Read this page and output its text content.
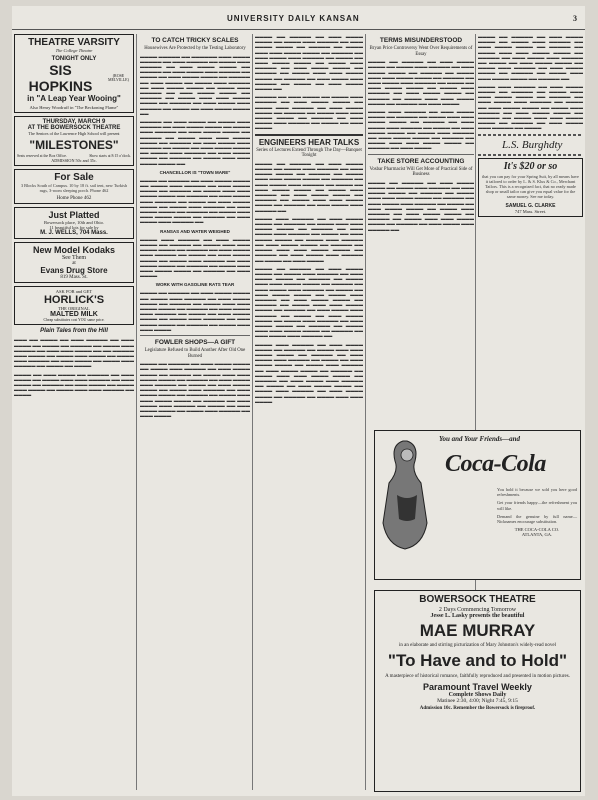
UNIVERSITY DAILY KANSAN	3
THEATRE VARSITY
The College Theatre
TONIGHT ONLY
SIS HOPKINS
(ROSE MELVILLE)
in "A Leap Year Wooing"
Also Henry Woodruff in "The Beckoning Flame"
THURSDAY, MARCH 9
AT THE BOWERSOCK THEATRE
The Seniors of the Lawrence High School will present
"MILESTONES"
Seats reserved at the Box Office.	Show starts at 8:15 o'clock.
ADMISSION 50c and 35c.
For Sale
3 Blocks South of Campus. 10 by 18 ft. sail tent, new Turkish rugs, 3-room sleeping porch. Phone 462
Home Phone 462
Just Platted
Bowersock place, 10th and Ohio.
11 beautiful lots for sale by
M. J. WELLS, 704 Mass.
New Model Kodaks
See Them
at
Evans Drug Store
819 Mass. St.
ASK FOR and GET
HORLICK'S
THE ORIGINAL
MALTED MILK
Cheap substitutes cost YOU same price.
Plain Tales from the Hill

▬▬▬ ▬▬ ▬▬▬▬ ▬▬ ▬▬▬ ▬▬▬▬▬ ▬▬ ▬▬▬ ▬▬▬▬ ▬▬ ▬▬▬▬ ▬▬ ▬▬▬▬▬ ▬▬ ▬▬▬▬ ▬▬▬ ▬▬▬▬▬ ▬▬ ▬▬▬ ▬▬▬ ▬▬▬▬ ▬▬ ▬▬ ▬▬▬▬▬ ▬▬▬ ▬▬▬▬ ▬▬ ▬▬▬▬ ▬▬▬ ▬▬▬▬ ▬▬ ▬▬▬▬ ▬▬▬ ▬▬▬▬▬ ▬▬ ▬▬▬ ▬▬▬▬ ▬▬ ▬▬▬▬ ▬▬▬ ▬▬▬▬▬ ▬▬ ▬▬▬▬ ▬▬ ▬▬▬▬

▬▬▬▬ ▬▬ ▬▬▬ ▬▬▬▬ ▬▬ ▬▬▬▬▬ ▬▬ ▬▬▬ ▬▬▬▬ ▬▬ ▬▬▬▬ ▬▬▬ ▬▬▬ ▬▬▬▬▬ ▬▬ ▬▬▬ ▬▬▬▬ ▬▬ ▬▬▬▬▬ ▬▬ ▬▬▬ ▬▬▬▬ ▬▬ ▬▬▬▬ ▬▬▬ ▬▬▬▬ ▬▬ ▬▬▬▬ ▬▬▬ ▬▬▬ ▬▬▬▬▬ ▬▬ ▬▬▬▬

TO CATCH TRICKY SCALES
Housewives Are Protected by the Testing Laboratory

▬▬▬▬ ▬▬▬▬▬ ▬▬ ▬▬▬▬▬▬ ▬▬▬ ▬▬▬▬ ▬▬▬▬▬ ▬▬ ▬▬▬ ▬▬▬▬▬ ▬▬ ▬▬▬▬ ▬▬▬ ▬▬▬▬▬ ▬▬ ▬▬▬ ▬▬▬▬ ▬▬▬▬ ▬▬ ▬▬▬▬▬ ▬▬ ▬▬▬ ▬▬▬▬ ▬▬▬ ▬▬▬▬▬ ▬▬ ▬▬▬▬ ▬▬ ▬▬▬ ▬▬▬▬ ▬▬▬▬ ▬▬ ▬▬▬▬▬ ▬▬ ▬▬▬ ▬▬▬▬ ▬▬ ▬▬▬▬ ▬▬▬ ▬▬▬▬▬ ▬▬ ▬▬▬ ▬▬▬▬ ▬▬▬▬ ▬▬ ▬▬▬▬ ▬▬▬ ▬▬▬▬▬ ▬▬ ▬▬▬ ▬▬▬▬ ▬▬▬▬ ▬▬ ▬▬▬▬▬ ▬▬ ▬▬▬▬ ▬▬▬ ▬▬▬ ▬▬▬▬ ▬▬▬▬ ▬▬ ▬▬▬▬▬ ▬▬ ▬▬▬ ▬▬▬▬ ▬▬▬ ▬▬▬▬▬ ▬▬ ▬▬▬▬ ▬▬ ▬▬▬ ▬▬▬▬ ▬▬▬▬ ▬▬

▬▬▬▬▬ ▬▬ ▬▬▬ ▬▬▬▬ ▬▬ ▬▬▬▬ ▬▬▬ ▬▬▬▬▬ ▬▬ ▬▬▬ ▬▬▬▬ ▬▬▬▬ ▬▬ ▬▬▬▬ ▬▬▬ ▬▬▬▬▬ ▬▬ ▬▬▬ ▬▬▬▬ ▬▬▬▬ ▬▬ ▬▬▬▬▬ ▬▬ ▬▬▬▬ ▬▬▬ ▬▬▬ ▬▬▬▬ ▬▬▬▬ ▬▬ ▬▬▬▬▬ ▬▬ ▬▬▬ ▬▬▬▬ ▬▬▬ ▬▬▬▬▬ ▬▬ ▬▬▬▬ ▬▬ ▬▬▬ ▬▬▬▬ ▬▬▬▬ ▬▬ ▬▬▬▬ ▬▬▬ ▬▬▬▬▬ ▬▬ ▬▬▬ ▬▬▬▬ ▬▬▬▬ ▬▬ ▬▬▬▬▬ ▬▬ ▬▬▬▬ ▬▬▬ ▬▬▬ ▬▬▬▬ ▬▬▬▬ ▬▬

CHANCELLOR IS "TOWN MARE"

▬▬▬▬ ▬▬ ▬▬▬▬▬ ▬▬ ▬▬▬ ▬▬▬▬ ▬▬▬▬ ▬▬ ▬▬▬▬ ▬▬▬ ▬▬▬▬▬ ▬▬ ▬▬▬ ▬▬▬▬ ▬▬▬▬ ▬▬ ▬▬▬▬▬ ▬▬ ▬▬▬▬ ▬▬▬ ▬▬▬ ▬▬▬▬ ▬▬▬▬ ▬▬ ▬▬▬▬▬ ▬▬ ▬▬▬ ▬▬▬▬ ▬▬▬ ▬▬▬▬▬ ▬▬ ▬▬▬▬ ▬▬ ▬▬▬ ▬▬▬▬ ▬▬▬▬ ▬▬ ▬▬▬▬ ▬▬▬ ▬▬▬▬▬ ▬▬ ▬▬▬ ▬▬▬▬ ▬▬▬▬ ▬▬ ▬▬▬▬▬ ▬▬ ▬▬▬▬ ▬▬▬ ▬▬▬ ▬▬▬▬ ▬▬▬▬ ▬▬ ▬▬▬▬▬ ▬▬ ▬▬▬ ▬▬▬▬ ▬▬▬ ▬▬▬▬▬ ▬▬

RANSAS AND WATER WEIGHED

▬▬▬▬ ▬▬▬ ▬▬▬▬▬ ▬▬ ▬▬▬ ▬▬▬▬ ▬▬▬▬ ▬▬ ▬▬▬▬▬ ▬▬ ▬▬▬▬ ▬▬▬ ▬▬▬ ▬▬▬▬ ▬▬▬▬ ▬▬ ▬▬▬▬▬ ▬▬ ▬▬▬ ▬▬▬▬ ▬▬▬ ▬▬▬▬▬ ▬▬ ▬▬▬▬ ▬▬ ▬▬▬ ▬▬▬▬ ▬▬▬▬ ▬▬ ▬▬▬▬ ▬▬▬ ▬▬▬▬▬ ▬▬ ▬▬▬ ▬▬▬▬ ▬▬▬▬ ▬▬ ▬▬▬▬▬ ▬▬ ▬▬▬▬ ▬▬▬ ▬▬▬ ▬▬▬▬ ▬▬▬▬ ▬▬ ▬▬▬▬▬ ▬▬ ▬▬▬ ▬▬▬▬

WORK WITH GASOLINE RATS TEAR

▬▬▬▬ ▬▬ ▬▬▬▬▬ ▬▬ ▬▬▬ ▬▬▬▬ ▬▬▬▬ ▬▬ ▬▬▬▬ ▬▬▬ ▬▬▬▬▬ ▬▬ ▬▬▬ ▬▬▬▬ ▬▬▬▬ ▬▬ ▬▬▬▬▬ ▬▬ ▬▬▬▬ ▬▬▬ ▬▬▬ ▬▬▬▬ ▬▬▬▬ ▬▬ ▬▬▬▬▬ ▬▬ ▬▬▬ ▬▬▬▬ ▬▬▬ ▬▬▬▬▬ ▬▬ ▬▬▬▬ ▬▬ ▬▬▬ ▬▬▬▬ ▬▬▬▬ ▬▬ ▬▬▬▬ ▬▬▬ ▬▬▬▬▬ ▬▬ ▬▬▬ ▬▬▬▬ ▬▬▬▬ ▬▬ ▬▬▬▬▬ ▬▬ ▬▬▬▬ ▬▬▬ ▬▬▬ ▬▬▬▬

FOWLER SHOPS—A GIFT
Legislature Refused to Build Another After Old One Burned

▬▬▬▬ ▬▬ ▬▬▬▬▬ ▬▬ ▬▬▬ ▬▬▬▬ ▬▬▬▬ ▬▬ ▬▬▬▬ ▬▬▬ ▬▬▬▬▬ ▬▬ ▬▬▬ ▬▬▬▬ ▬▬▬▬ ▬▬ ▬▬▬▬▬ ▬▬ ▬▬▬▬ ▬▬▬ ▬▬▬ ▬▬▬▬ ▬▬▬▬ ▬▬ ▬▬▬▬▬ ▬▬ ▬▬▬ ▬▬▬▬ ▬▬▬ ▬▬▬▬▬ ▬▬ ▬▬▬▬ ▬▬ ▬▬▬ ▬▬▬▬ ▬▬▬▬ ▬▬ ▬▬▬▬ ▬▬▬ ▬▬▬▬▬ ▬▬ ▬▬▬ ▬▬▬▬ ▬▬▬▬ ▬▬ ▬▬▬▬▬ ▬▬ ▬▬▬▬ ▬▬▬ ▬▬▬ ▬▬▬▬ ▬▬▬▬ ▬▬ ▬▬▬▬▬ ▬▬ ▬▬▬ ▬▬▬▬ ▬▬▬ ▬▬▬▬▬ ▬▬ ▬▬▬▬ ▬▬ ▬▬▬ ▬▬▬▬ ▬▬▬▬ ▬▬ ▬▬▬▬ ▬▬▬ ▬▬▬▬▬ ▬▬ ▬▬▬ ▬▬▬▬

▬▬▬▬ ▬▬ ▬▬▬▬▬ ▬▬ ▬▬▬ ▬▬▬▬ ▬▬▬▬ ▬▬ ▬▬▬▬ ▬▬▬ ▬▬▬▬▬ ▬▬ ▬▬▬ ▬▬▬▬ ▬▬▬▬ ▬▬ ▬▬▬▬▬ ▬▬ ▬▬▬▬ ▬▬▬ ▬▬▬ ▬▬▬▬ ▬▬▬▬ ▬▬ ▬▬▬▬▬ ▬▬ ▬▬▬ ▬▬▬▬ ▬▬▬ ▬▬▬▬▬ ▬▬ ▬▬▬▬ ▬▬ ▬▬▬ ▬▬▬▬ ▬▬▬▬ ▬▬ ▬▬▬▬ ▬▬▬ ▬▬▬▬▬ ▬▬ ▬▬▬ ▬▬▬▬ ▬▬▬▬ ▬▬ ▬▬▬▬▬ ▬▬ ▬▬▬▬ ▬▬▬ ▬▬▬ ▬▬▬▬ ▬▬▬▬ ▬▬ ▬▬▬▬▬ ▬▬ ▬▬▬ ▬▬▬▬ ▬▬▬ ▬▬▬▬▬ ▬▬ ▬▬▬▬ ▬▬ ▬▬▬ ▬▬▬▬ ▬▬▬▬ ▬▬

▬▬▬▬▬ ▬▬ ▬▬▬ ▬▬▬▬ ▬▬ ▬▬▬▬ ▬▬▬ ▬▬▬▬▬ ▬▬ ▬▬▬ ▬▬▬▬ ▬▬▬▬ ▬▬ ▬▬▬▬ ▬▬▬ ▬▬▬▬▬ ▬▬ ▬▬▬ ▬▬▬▬ ▬▬▬▬ ▬▬ ▬▬▬▬▬ ▬▬ ▬▬▬▬ ▬▬▬ ▬▬▬ ▬▬▬▬ ▬▬▬▬ ▬▬ ▬▬▬▬▬ ▬▬ ▬▬▬ ▬▬▬▬ ▬▬▬ ▬▬▬▬▬ ▬▬ ▬▬▬▬ ▬▬ ▬▬▬ ▬▬▬▬

ENGINEERS HEAR TALKS
Series of Lectures Extend Through The Day—Banquet Tonight

▬▬▬▬ ▬▬ ▬▬▬▬▬ ▬▬ ▬▬▬ ▬▬▬▬ ▬▬▬▬ ▬▬ ▬▬▬▬ ▬▬▬ ▬▬▬▬▬ ▬▬ ▬▬▬ ▬▬▬▬ ▬▬▬▬ ▬▬ ▬▬▬▬▬ ▬▬ ▬▬▬▬ ▬▬▬ ▬▬▬ ▬▬▬▬ ▬▬▬▬ ▬▬ ▬▬▬▬▬ ▬▬ ▬▬▬ ▬▬▬▬ ▬▬▬ ▬▬▬▬▬ ▬▬ ▬▬▬▬ ▬▬ ▬▬▬ ▬▬▬▬ ▬▬▬▬ ▬▬ ▬▬▬▬ ▬▬▬ ▬▬▬▬▬ ▬▬ ▬▬▬ ▬▬▬▬ ▬▬▬▬ ▬▬ ▬▬▬▬▬ ▬▬ ▬▬▬▬ ▬▬▬ ▬▬▬ ▬▬▬▬ ▬▬▬▬ ▬▬ ▬▬▬▬▬ ▬▬ ▬▬▬ ▬▬▬▬ ▬▬▬ ▬▬▬▬▬ ▬▬

▬▬▬▬ ▬▬▬ ▬▬▬▬▬ ▬▬ ▬▬▬ ▬▬▬▬ ▬▬▬▬ ▬▬ ▬▬▬▬▬ ▬▬ ▬▬▬▬ ▬▬▬ ▬▬▬ ▬▬▬▬ ▬▬▬▬ ▬▬ ▬▬▬▬▬ ▬▬ ▬▬▬ ▬▬▬▬ ▬▬▬ ▬▬▬▬▬ ▬▬ ▬▬▬▬ ▬▬ ▬▬▬ ▬▬▬▬ ▬▬▬▬ ▬▬ ▬▬▬▬ ▬▬▬ ▬▬▬▬▬ ▬▬ ▬▬▬ ▬▬▬▬ ▬▬▬▬ ▬▬ ▬▬▬▬▬ ▬▬ ▬▬▬▬ ▬▬▬ ▬▬▬ ▬▬▬▬ ▬▬▬▬ ▬▬ ▬▬▬▬▬ ▬▬ ▬▬▬ ▬▬▬▬ ▬▬▬ ▬▬▬▬▬ ▬▬ ▬▬▬▬ ▬▬ ▬▬▬ ▬▬▬▬

▬▬▬▬ ▬▬ ▬▬▬▬▬ ▬▬ ▬▬▬ ▬▬▬▬ ▬▬▬▬ ▬▬ ▬▬▬▬ ▬▬▬ ▬▬▬▬▬ ▬▬ ▬▬▬ ▬▬▬▬ ▬▬▬▬ ▬▬ ▬▬▬▬▬ ▬▬ ▬▬▬▬ ▬▬▬ ▬▬▬ ▬▬▬▬ ▬▬▬▬ ▬▬ ▬▬▬▬▬ ▬▬ ▬▬▬ ▬▬▬▬ ▬▬▬ ▬▬▬▬▬ ▬▬ ▬▬▬▬ ▬▬ ▬▬▬ ▬▬▬▬ ▬▬▬▬ ▬▬ ▬▬▬▬ ▬▬▬ ▬▬▬▬▬ ▬▬ ▬▬▬ ▬▬▬▬ ▬▬▬▬ ▬▬ ▬▬▬▬▬ ▬▬ ▬▬▬▬ ▬▬▬ ▬▬▬ ▬▬▬▬ ▬▬▬▬ ▬▬ ▬▬▬▬▬ ▬▬ ▬▬▬ ▬▬▬▬ ▬▬▬ ▬▬▬▬▬ ▬▬ ▬▬▬▬ ▬▬ ▬▬▬ ▬▬▬▬ ▬▬▬▬ ▬▬ ▬▬▬▬ ▬▬▬ ▬▬▬▬▬ ▬▬ ▬▬▬ ▬▬▬▬ ▬▬▬▬ ▬▬ ▬▬▬▬▬ ▬▬ ▬▬▬▬ ▬▬▬ ▬▬▬ ▬▬▬▬ ▬▬▬▬ ▬▬ ▬▬▬▬▬ ▬▬ ▬▬▬ ▬▬▬▬ ▬▬▬ ▬▬▬▬▬ ▬▬

▬▬▬▬ ▬▬▬ ▬▬▬▬▬ ▬▬ ▬▬▬ ▬▬▬▬ ▬▬▬▬ ▬▬ ▬▬▬▬▬ ▬▬ ▬▬▬▬ ▬▬▬ ▬▬▬ ▬▬▬▬ ▬▬▬▬ ▬▬ ▬▬▬▬▬ ▬▬ ▬▬▬ ▬▬▬▬ ▬▬▬ ▬▬▬▬▬ ▬▬ ▬▬▬▬ ▬▬ ▬▬▬ ▬▬▬▬ ▬▬▬▬ ▬▬ ▬▬▬▬ ▬▬▬ ▬▬▬▬▬ ▬▬ ▬▬▬ ▬▬▬▬ ▬▬▬▬ ▬▬ ▬▬▬▬▬ ▬▬ ▬▬▬▬ ▬▬▬ ▬▬▬ ▬▬▬▬ ▬▬▬▬ ▬▬ ▬▬▬▬▬ ▬▬ ▬▬▬ ▬▬▬▬ ▬▬▬ ▬▬▬▬▬ ▬▬ ▬▬▬▬ ▬▬ ▬▬▬ ▬▬▬▬ ▬▬▬▬ ▬▬ ▬▬▬▬ ▬▬▬ ▬▬▬▬▬ ▬▬ ▬▬▬ ▬▬▬▬ ▬▬▬▬ ▬▬ ▬▬▬▬▬ ▬▬ ▬▬▬▬ ▬▬▬ ▬▬▬ ▬▬▬▬

TERMS MISUNDERSTOOD
Bryan Price Controversy Went Over Requirements of Essay

▬▬▬▬ ▬▬ ▬▬▬▬▬ ▬▬ ▬▬▬ ▬▬▬▬ ▬▬▬▬ ▬▬ ▬▬▬▬ ▬▬▬ ▬▬▬▬▬ ▬▬ ▬▬▬ ▬▬▬▬ ▬▬▬▬ ▬▬ ▬▬▬▬▬ ▬▬ ▬▬▬▬ ▬▬▬ ▬▬▬ ▬▬▬▬ ▬▬▬▬ ▬▬ ▬▬▬▬▬ ▬▬ ▬▬▬ ▬▬▬▬ ▬▬▬ ▬▬▬▬▬ ▬▬ ▬▬▬▬ ▬▬ ▬▬▬ ▬▬▬▬ ▬▬▬▬ ▬▬ ▬▬▬▬ ▬▬▬ ▬▬▬▬▬ ▬▬ ▬▬▬ ▬▬▬▬ ▬▬▬▬ ▬▬ ▬▬▬▬▬ ▬▬ ▬▬▬▬ ▬▬▬ ▬▬▬ ▬▬▬▬ ▬▬▬▬ ▬▬ ▬▬▬▬▬ ▬▬ ▬▬▬ ▬▬▬▬

▬▬▬▬ ▬▬▬ ▬▬▬▬▬ ▬▬ ▬▬▬ ▬▬▬▬ ▬▬▬▬ ▬▬ ▬▬▬▬▬ ▬▬ ▬▬▬▬ ▬▬▬ ▬▬▬ ▬▬▬▬ ▬▬▬▬ ▬▬ ▬▬▬▬▬ ▬▬ ▬▬▬ ▬▬▬▬ ▬▬▬ ▬▬▬▬▬ ▬▬ ▬▬▬▬ ▬▬ ▬▬▬ ▬▬▬▬ ▬▬▬▬ ▬▬ ▬▬▬▬ ▬▬▬ ▬▬▬▬▬ ▬▬ ▬▬▬ ▬▬▬▬ ▬▬▬▬ ▬▬ ▬▬▬▬▬ ▬▬ ▬▬▬▬ ▬▬▬ ▬▬▬ ▬▬▬▬ ▬▬▬▬ ▬▬ ▬▬▬▬▬ ▬▬ ▬▬▬ ▬▬▬▬

TAKE STORE ACCOUNTING
Vosbar Pharmacist Will Get More of Practical Side of Business

▬▬▬▬ ▬▬ ▬▬▬▬▬ ▬▬ ▬▬▬ ▬▬▬▬ ▬▬▬▬ ▬▬ ▬▬▬▬ ▬▬▬ ▬▬▬▬▬ ▬▬ ▬▬▬ ▬▬▬▬ ▬▬▬▬ ▬▬ ▬▬▬▬▬ ▬▬ ▬▬▬▬ ▬▬▬ ▬▬▬ ▬▬▬▬ ▬▬▬▬ ▬▬ ▬▬▬▬▬ ▬▬ ▬▬▬ ▬▬▬▬ ▬▬▬ ▬▬▬▬▬ ▬▬ ▬▬▬▬ ▬▬ ▬▬▬ ▬▬▬▬ ▬▬▬▬ ▬▬ ▬▬▬▬ ▬▬▬ ▬▬▬▬▬ ▬▬ ▬▬▬ ▬▬▬▬ ▬▬▬▬ ▬▬ ▬▬▬▬▬ ▬▬ ▬▬▬▬ ▬▬▬ ▬▬▬ ▬▬▬▬ ▬▬▬▬ ▬▬ ▬▬▬▬▬ ▬▬ ▬▬▬ ▬▬▬▬ ▬▬▬ ▬▬▬▬▬ ▬▬

▬▬▬▬ ▬▬ ▬▬▬▬▬ ▬▬ ▬▬▬ ▬▬▬▬ ▬▬▬▬ ▬▬ ▬▬▬▬ ▬▬▬ ▬▬▬▬▬ ▬▬ ▬▬▬ ▬▬▬▬ ▬▬▬▬ ▬▬ ▬▬▬▬▬ ▬▬ ▬▬▬▬ ▬▬▬ ▬▬▬ ▬▬▬▬ ▬▬▬▬ ▬▬ ▬▬▬▬▬ ▬▬ ▬▬▬ ▬▬▬▬ ▬▬▬ ▬▬▬▬▬ ▬▬ ▬▬▬▬ ▬▬ ▬▬▬ ▬▬▬▬ ▬▬▬▬ ▬▬ ▬▬▬▬ ▬▬▬ ▬▬▬▬▬ ▬▬ ▬▬▬ ▬▬▬▬ ▬▬▬▬ ▬▬ ▬▬▬▬▬ ▬▬ ▬▬▬▬ ▬▬▬ ▬▬▬ ▬▬▬▬ ▬▬▬▬ ▬▬ ▬▬▬▬▬ ▬▬

▬▬▬▬ ▬▬▬ ▬▬▬▬▬ ▬▬ ▬▬▬ ▬▬▬▬ ▬▬▬▬ ▬▬ ▬▬▬▬▬ ▬▬ ▬▬▬▬ ▬▬▬ ▬▬▬ ▬▬▬▬ ▬▬▬▬ ▬▬ ▬▬▬▬▬ ▬▬ ▬▬▬ ▬▬▬▬ ▬▬▬ ▬▬▬▬▬ ▬▬ ▬▬▬▬ ▬▬ ▬▬▬ ▬▬▬▬ ▬▬▬▬ ▬▬ ▬▬▬▬ ▬▬▬ ▬▬▬▬▬ ▬▬ ▬▬▬ ▬▬▬▬ ▬▬▬▬ ▬▬ ▬▬▬▬▬ ▬▬ ▬▬▬▬ ▬▬▬ ▬▬▬ ▬▬▬▬ ▬▬▬▬ ▬▬ ▬▬▬▬▬ ▬▬ ▬▬▬ ▬▬▬▬ ▬▬▬ ▬▬▬▬▬ ▬▬ ▬▬▬▬

L.S. Burghdty
It's $20 or so
that you can pay for your Spring Suit, by all means have it tailored to order by L. & S. Klus & Co., Merchant Tailors. This is a recognized fact, that no ready made shop or small tailor can give you equal value for the same money. See me today.
SAMUEL G. CLARKE
747 Mass. Street.
You and Your Friends—and
Coca-Cola
You hold it because we sold you here good refreshments.
Get your friends happy—the refreshment you will like.
Demand the genuine by full name—Nicknames encourage substitution.
THE COCA-COLA CO.
ATLANTA, GA.
BOWERSOCK THEATRE
2 Days Commencing Tomorrow
Jesse L. Lasky presents the beautiful
MAE MURRAY
in an elaborate and stirring picturization of Mary Johnston's widely-read novel
"To Have and to Hold"
A masterpiece of historical romance, faithfully reproduced and presented in motion pictures.
Paramount Travel Weekly
Complete Shows Daily
Matinee 2:30, 4:00; Night 7:45, 9:15
Admission 10c. Remember the Bowersock is fireproof.
